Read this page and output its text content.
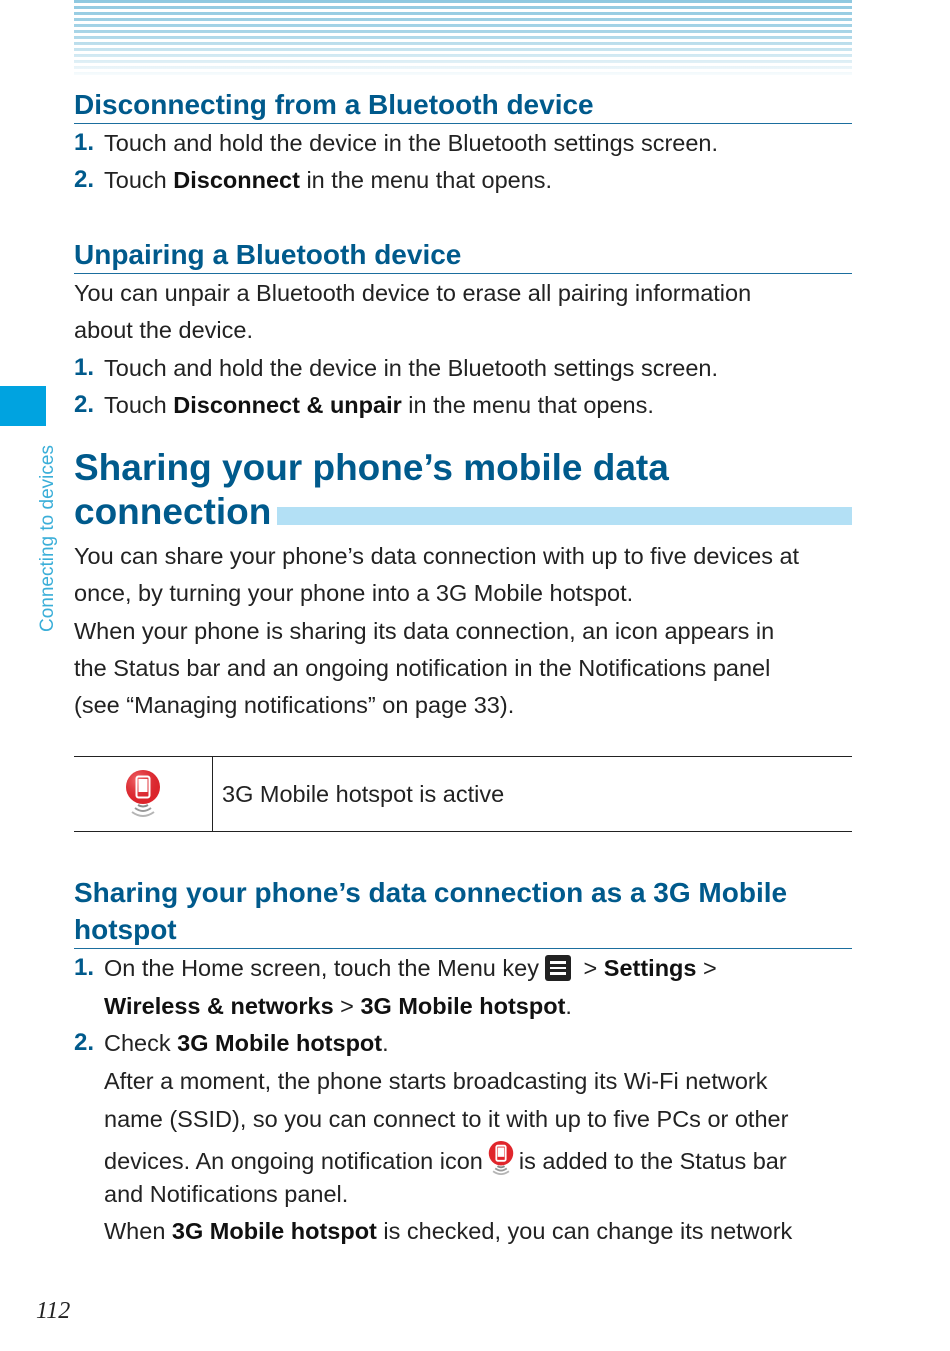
Connecting to devices
Disconnecting from a Bluetooth device
1. Touch and hold the device in the Bluetooth settings screen.
2. Touch Disconnect in the menu that opens.
Unpairing a Bluetooth device
You can unpair a Bluetooth device to erase all pairing information
about the device.
1. Touch and hold the device in the Bluetooth settings screen.
2. Touch Disconnect & unpair in the menu that opens.
Sharing your phone’s mobile data
connection
You can share your phone’s data connection with up to five devices at
once, by turning your phone into a 3G Mobile hotspot.
When your phone is sharing its data connection, an icon appears in
the Status bar and an ongoing notification in the Notifications panel
(see “Managing notifications” on page 33).
3G Mobile hotspot is active
Sharing your phone’s data connection as a 3G Mobile
hotspot
1. On the Home screen, touch the Menu key
> Settings >
Wireless & networks > 3G Mobile hotspot.
2. Check 3G Mobile hotspot.
After a moment, the phone starts broadcasting its Wi-Fi network
name (SSID), so you can connect to it with up to five PCs or other
devices. An ongoing notification icon is added to the Status bar
and Notifications panel.
When 3G Mobile hotspot is checked, you can change its network
112
